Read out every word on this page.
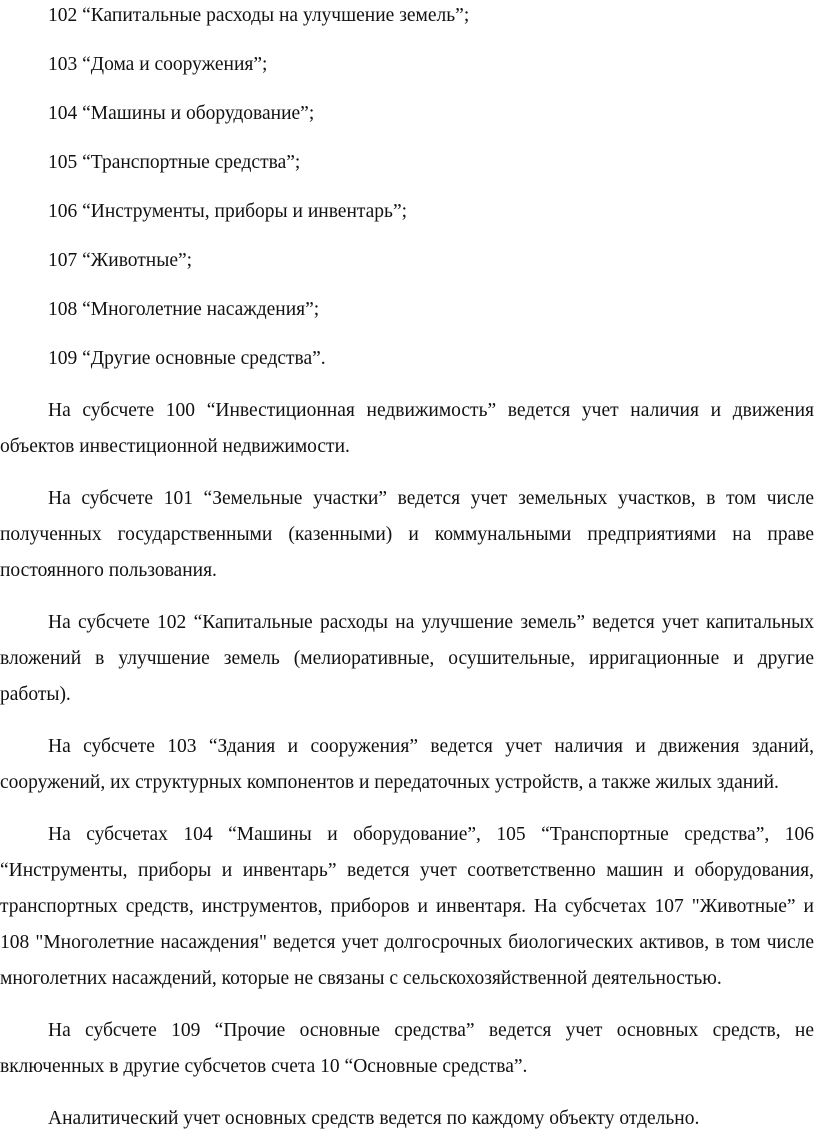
102 “Капитальные расходы на улучшение земель”;
103 “Дома и сооружения”;
104 “Машины и оборудование”;
105 “Транспортные средства”;
106 “Инструменты, приборы и инвентарь”;
107 “Животные”;
108 “Многолетние насаждения”;
109 “Другие основные средства”.

На субсчете 100 “Инвестиционная недвижимость” ведется учет наличия и движения объектов инвестиционной недвижимости.

На субсчете 101 “Земельные участки” ведется учет земельных участков, в том числе полученных государственными (казенными) и коммунальными предприятиями на праве постоянного пользования.

На субсчете 102 “Капитальные расходы на улучшение земель” ведется учет капитальных вложений в улучшение земель (мелиоративные, осушительные, ирригационные и другие работы).

На субсчете 103 “Здания и сооружения” ведется учет наличия и движения зданий, сооружений, их структурных компонентов и передаточных устройств, а также жилых зданий.

На субсчетах 104 “Машины и оборудование”, 105 “Транспортные средства”, 106 “Инструменты, приборы и инвентарь” ведется учет соответственно машин и оборудования, транспортных средств, инструментов, приборов и инвентаря. На субсчетах 107 "Животные” и 108 "Многолетние насаждения" ведется учет долгосрочных биологических активов, в том числе многолетних насаждений, которые не связаны с сельскохозяйственной деятельностью.

На субсчете 109 “Прочие основные средства” ведется учет основных средств, не включенных в другие субсчетов счета 10 “Основные средства”.

Аналитический учет основных средств ведется по каждому объекту отдельно.
